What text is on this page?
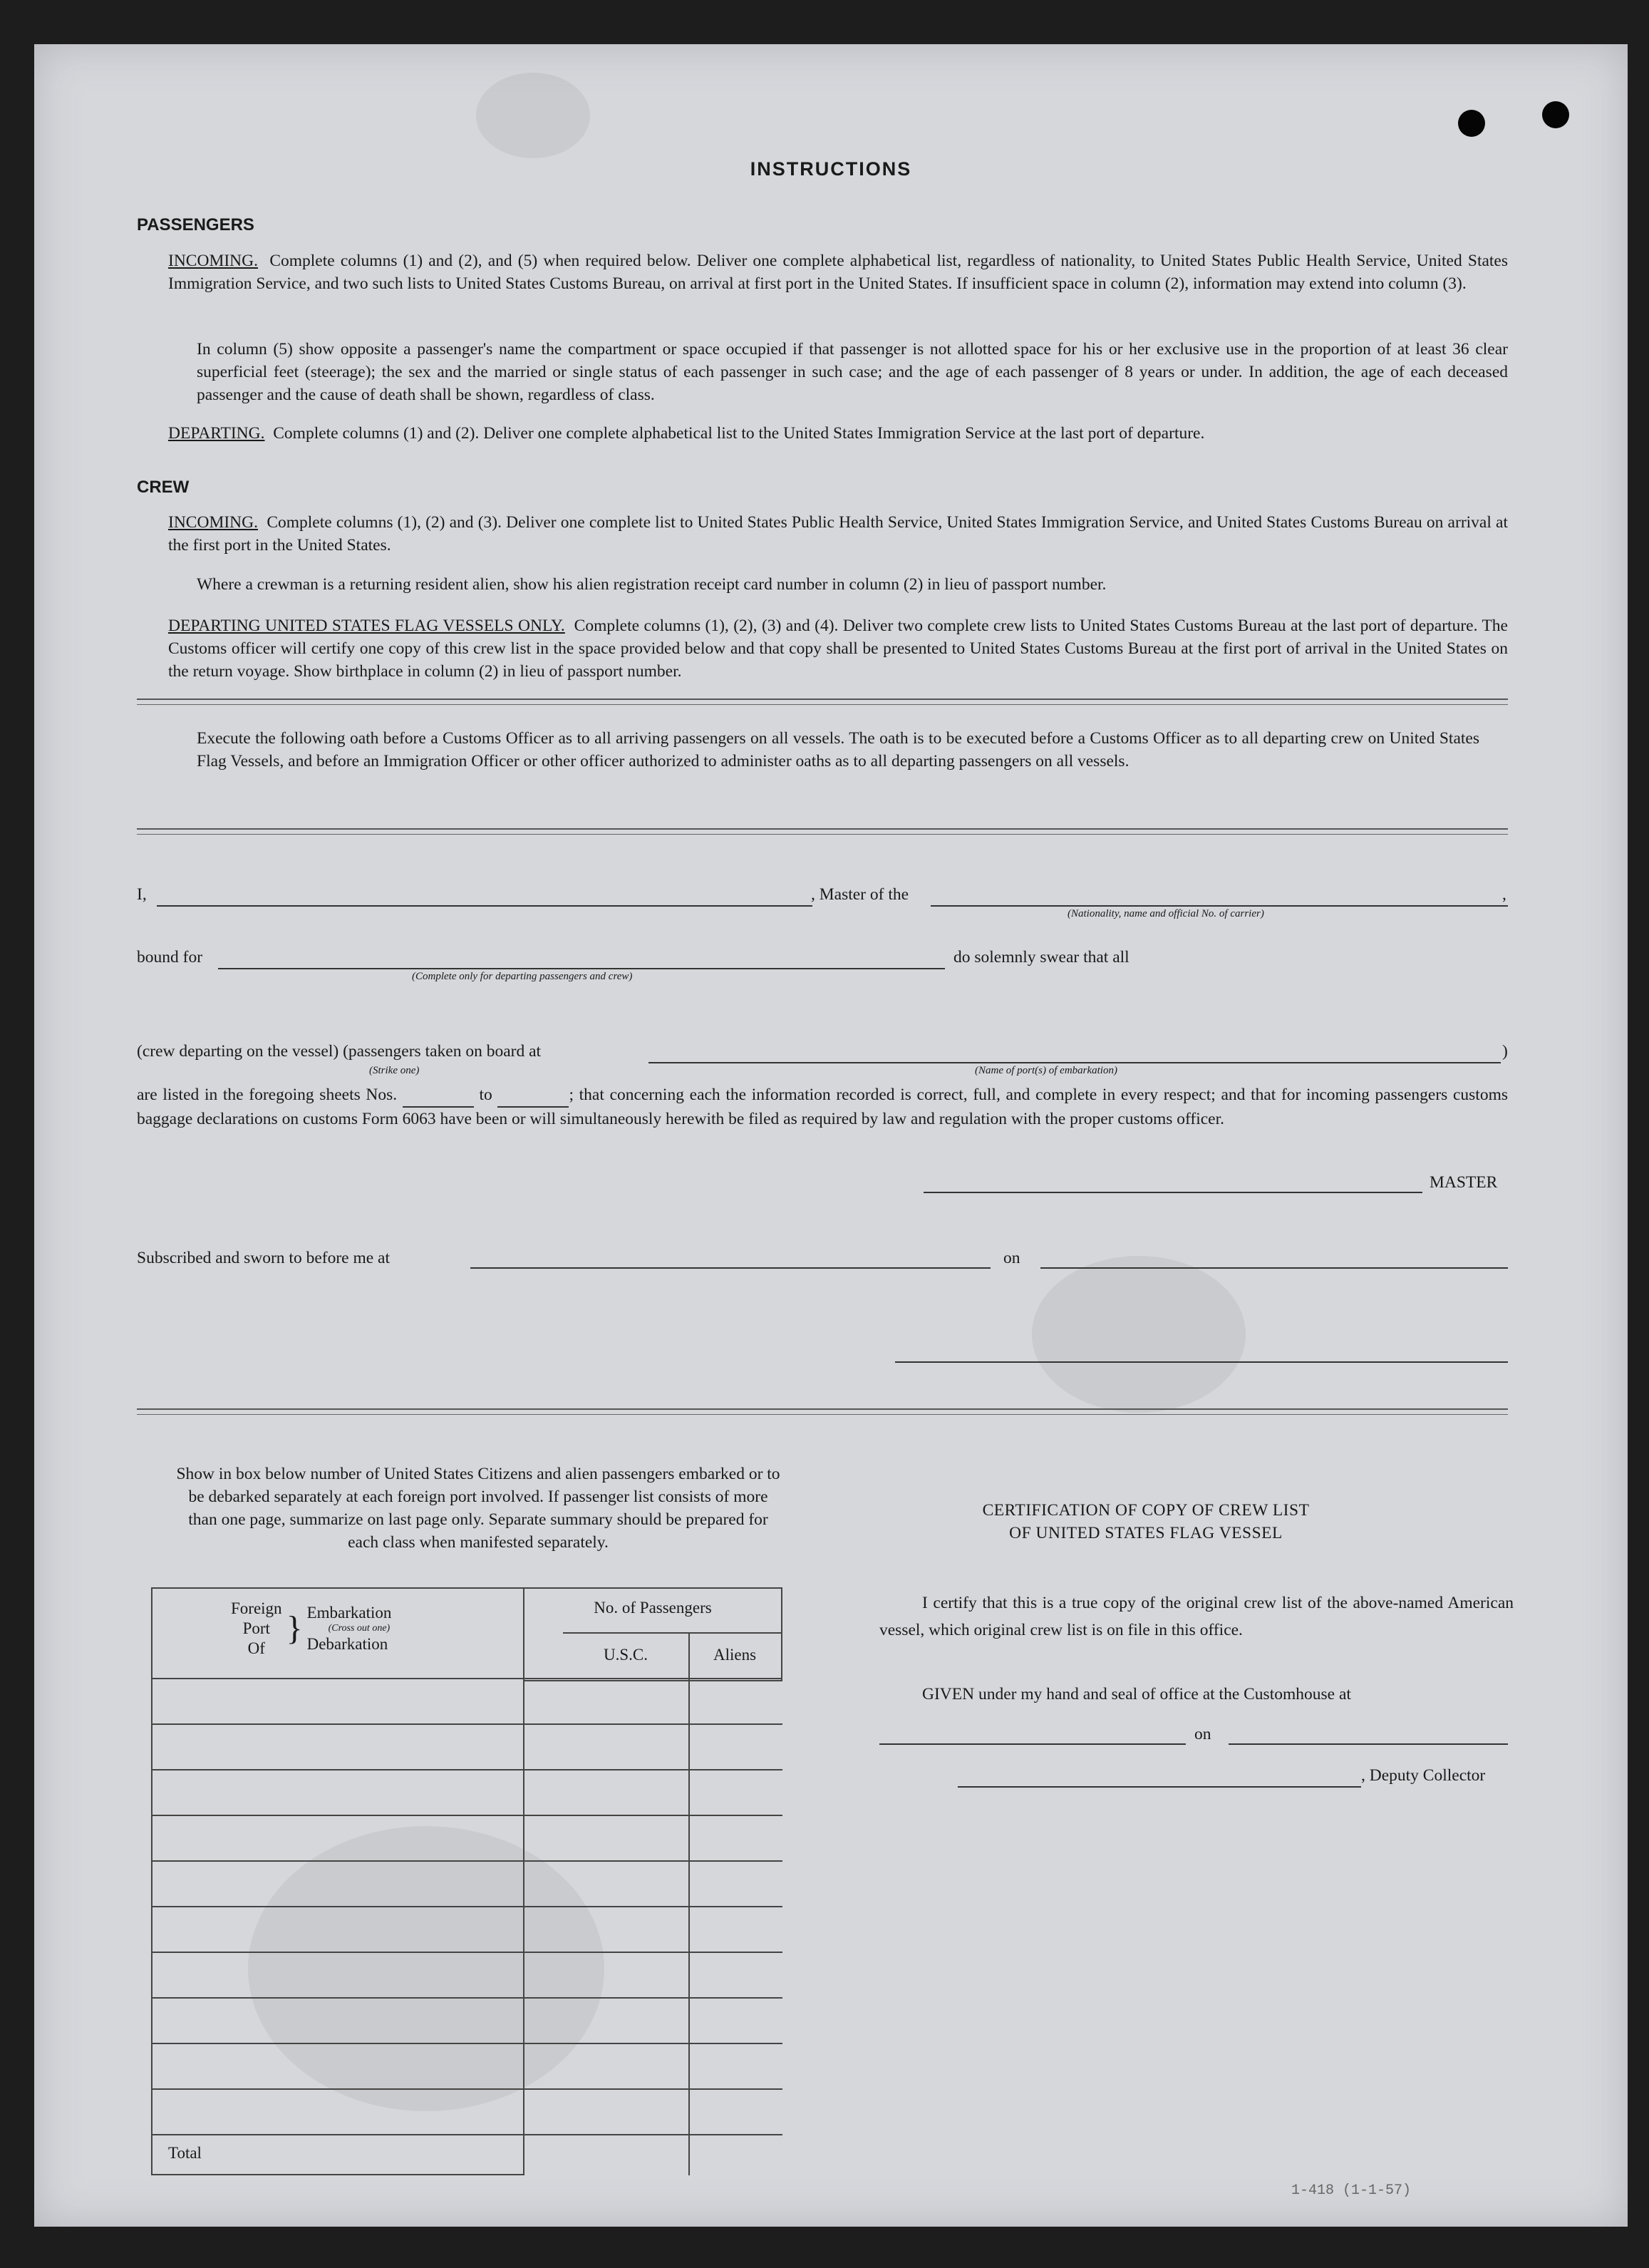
INSTRUCTIONS
PASSENGERS
INCOMING. Complete columns (1) and (2), and (5) when required below. Deliver one complete alphabetical list, regardless of nationality, to United States Public Health Service, United States Immigration Service, and two such lists to United States Customs Bureau, on arrival at first port in the United States. If insufficient space in column (2), information may extend into column (3).
In column (5) show opposite a passenger's name the compartment or space occupied if that passenger is not allotted space for his or her exclusive use in the proportion of at least 36 clear superficial feet (steerage); the sex and the married or single status of each passenger in such case; and the age of each passenger of 8 years or under. In addition, the age of each deceased passenger and the cause of death shall be shown, regardless of class.
DEPARTING. Complete columns (1) and (2). Deliver one complete alphabetical list to the United States Immigration Service at the last port of departure.
CREW
INCOMING. Complete columns (1), (2) and (3). Deliver one complete list to United States Public Health Service, United States Immigration Service, and United States Customs Bureau on arrival at the first port in the United States.
Where a crewman is a returning resident alien, show his alien registration receipt card number in column (2) in lieu of passport number.
DEPARTING UNITED STATES FLAG VESSELS ONLY. Complete columns (1), (2), (3) and (4). Deliver two complete crew lists to United States Customs Bureau at the last port of departure. The Customs officer will certify one copy of this crew list in the space provided below and that copy shall be presented to United States Customs Bureau at the first port of arrival in the United States on the return voyage. Show birthplace in column (2) in lieu of passport number.
Execute the following oath before a Customs Officer as to all arriving passengers on all vessels. The oath is to be executed before a Customs Officer as to all departing crew on United States Flag Vessels, and before an Immigration Officer or other officer authorized to administer oaths as to all departing passengers on all vessels.
I,	, Master of the	,
(Nationality, name and official No. of carrier)
bound for
(Complete only for departing passengers and crew)
do solemnly swear that all
(crew departing on the vessel) (passengers taken on board at	)
(Strike one)	(Name of port(s) of embarkation)
are listed in the foregoing sheets Nos.	to	; that concerning each the information recorded is correct, full, and complete in every respect; and that for incoming passengers customs baggage declarations on customs Form 6063 have been or will simultaneously herewith be filed as required by law and regulation with the proper customs officer.
MASTER
Subscribed and sworn to before me at	on
Show in box below number of United States Citizens and alien passengers embarked or to be debarked separately at each foreign port involved. If passenger list consists of more than one page, summarize on last page only. Separate summary should be prepared for each class when manifested separately.
Foreign
Port
Of
} Embarkation
(Cross out one)
Debarkation
	No. of Passengers

U.S.C.	Aliens
Total
CERTIFICATION OF COPY OF CREW LIST
OF UNITED STATES FLAG VESSEL
I certify that this is a true copy of the original crew list of the above-named American vessel, which original crew list is on file in this office.
GIVEN under my hand and seal of office at the Customhouse at
on
, Deputy Collector
1-418 (1-1-57)
